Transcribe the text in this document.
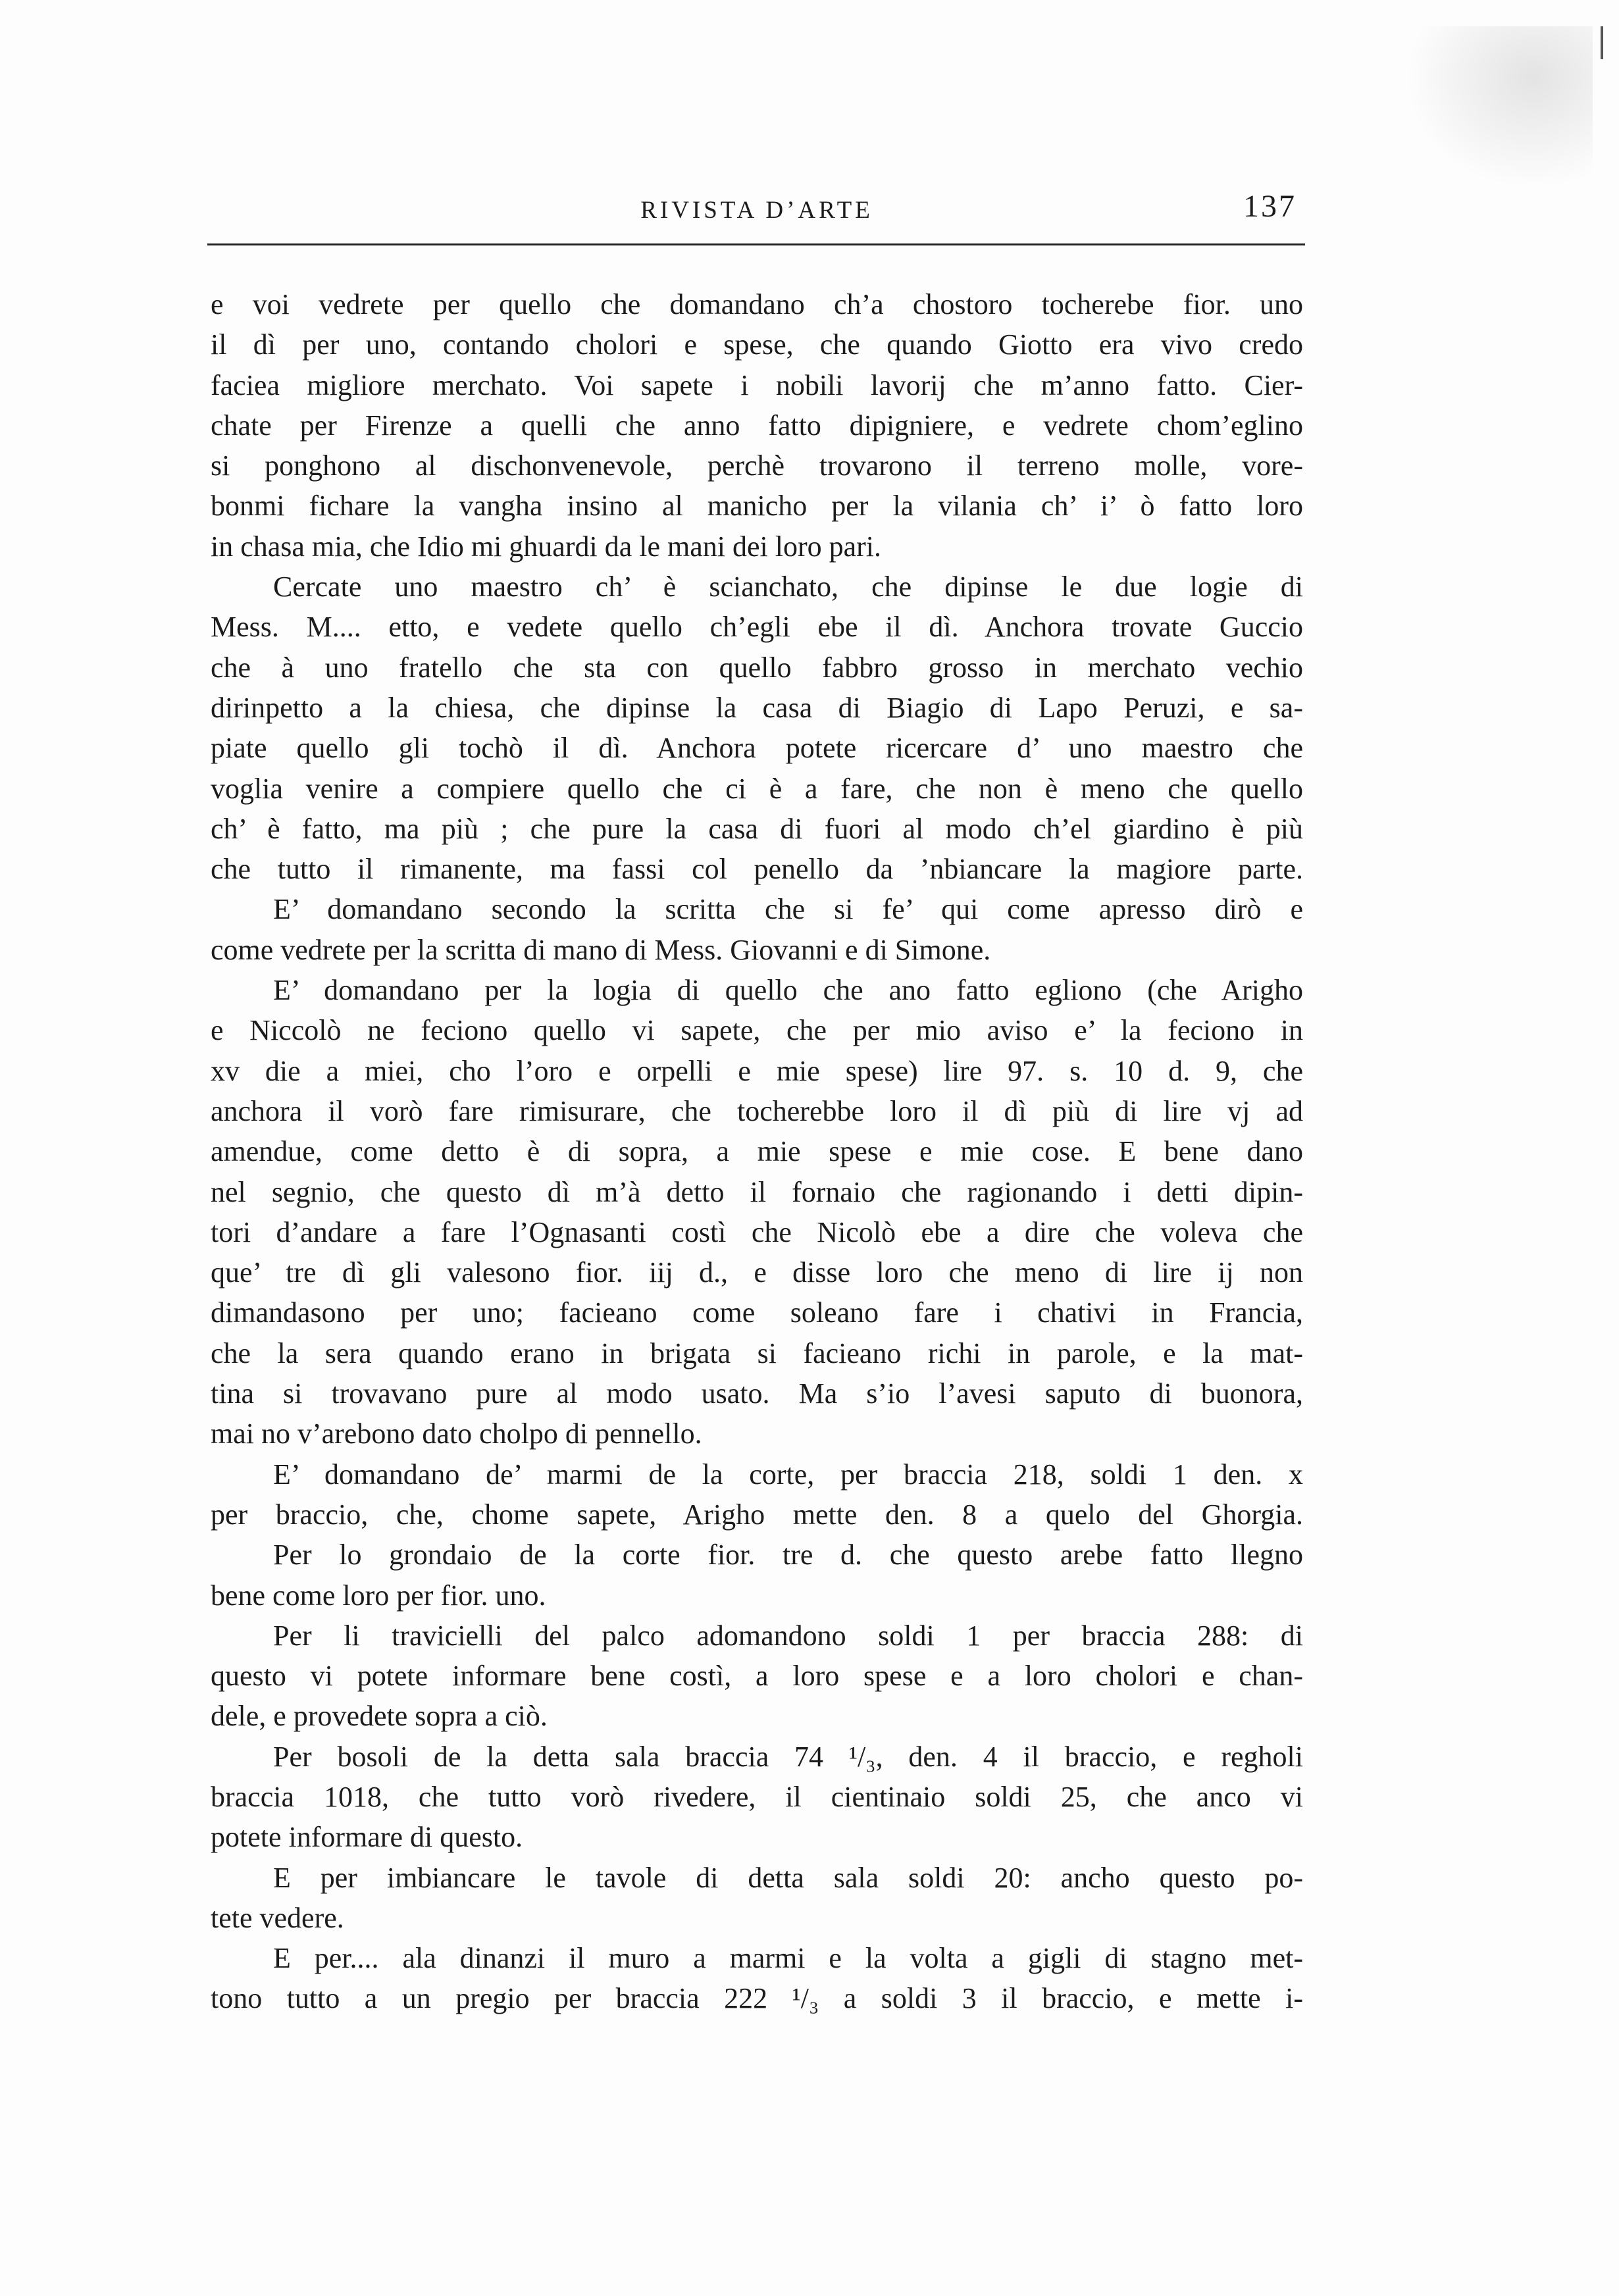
RIVISTA D’ARTE	137

e voi vedrete per quello che domandano ch’a chostoro tocherebe fior. uno
il dì per uno, contando cholori e spese, che quando Giotto era vivo credo
faciea migliore merchato. Voi sapete i nobili lavorij che m’anno fatto. Cier-
chate per Firenze a quelli che anno fatto dipigniere, e vedrete chom’eglino
si ponghono al dischonvenevole, perchè trovarono il terreno molle, vore-
bonmi fichare la vangha insino al manicho per la vilania ch’ i’ ò fatto loro
in chasa mia, che Idio mi ghuardi da le mani dei loro pari.

Cercate uno maestro ch’ è scianchato, che dipinse le due logie di
Mess. M.... etto, e vedete quello ch’egli ebe il dì. Anchora trovate Guccio
che à uno fratello che sta con quello fabbro grosso in merchato vechio
dirinpetto a la chiesa, che dipinse la casa di Biagio di Lapo Peruzi, e sa-
piate quello gli tochò il dì. Anchora potete ricercare d’ uno maestro che
voglia venire a compiere quello che ci è a fare, che non è meno che quello
ch’ è fatto, ma più ; che pure la casa di fuori al modo ch’el giardino è più
che tutto il rimanente, ma fassi col penello da ’nbiancare la magiore parte.

E’ domandano secondo la scritta che si fe’ qui come apresso dirò e
come vedrete per la scritta di mano di Mess. Giovanni e di Simone.

E’ domandano per la logia di quello che ano fatto egliono (che Arigho
e Niccolò ne feciono quello vi sapete, che per mio aviso e’ la feciono in
xv die a miei, cho l’oro e orpelli e mie spese) lire 97. s. 10 d. 9, che
anchora il vorò fare rimisurare, che tocherebbe loro il dì più di lire vj ad
amendue, come detto è di sopra, a mie spese e mie cose. E bene dano
nel segnio, che questo dì m’à detto il fornaio che ragionando i detti dipin-
tori d’andare a fare l’Ognasanti costì che Nicolò ebe a dire che voleva che
que’ tre dì gli valesono fior. iij d., e disse loro che meno di lire ij non
dimandasono per uno; facieano come soleano fare i chativi in Francia,
che la sera quando erano in brigata si facieano richi in parole, e la mat-
tina si trovavano pure al modo usato. Ma s’io l’avesi saputo di buonora,
mai no v’arebono dato cholpo di pennello.

E’ domandano de’ marmi de la corte, per braccia 218, soldi 1 den. x
per braccio, che, chome sapete, Arigho mette den. 8 a quelo del Ghorgia.

Per lo grondaio de la corte fior. tre d. che questo arebe fatto llegno
bene come loro per fior. uno.

Per li travicielli del palco adomandono soldi 1 per braccia 288: di
questo vi potete informare bene costì, a loro spese e a loro cholori e chan-
dele, e provedete sopra a ciò.

Per bosoli de la detta sala braccia 74 ¹/₃, den. 4 il braccio, e regholi
braccia 1018, che tutto vorò rivedere, il cientinaio soldi 25, che anco vi
potete informare di questo.

E per imbiancare le tavole di detta sala soldi 20: ancho questo po-
tete vedere.

E per.... ala dinanzi il muro a marmi e la volta a gigli di stagno met-
tono tutto a un pregio per braccia 222 ¹/₃ a soldi 3 il braccio, e mette i-
